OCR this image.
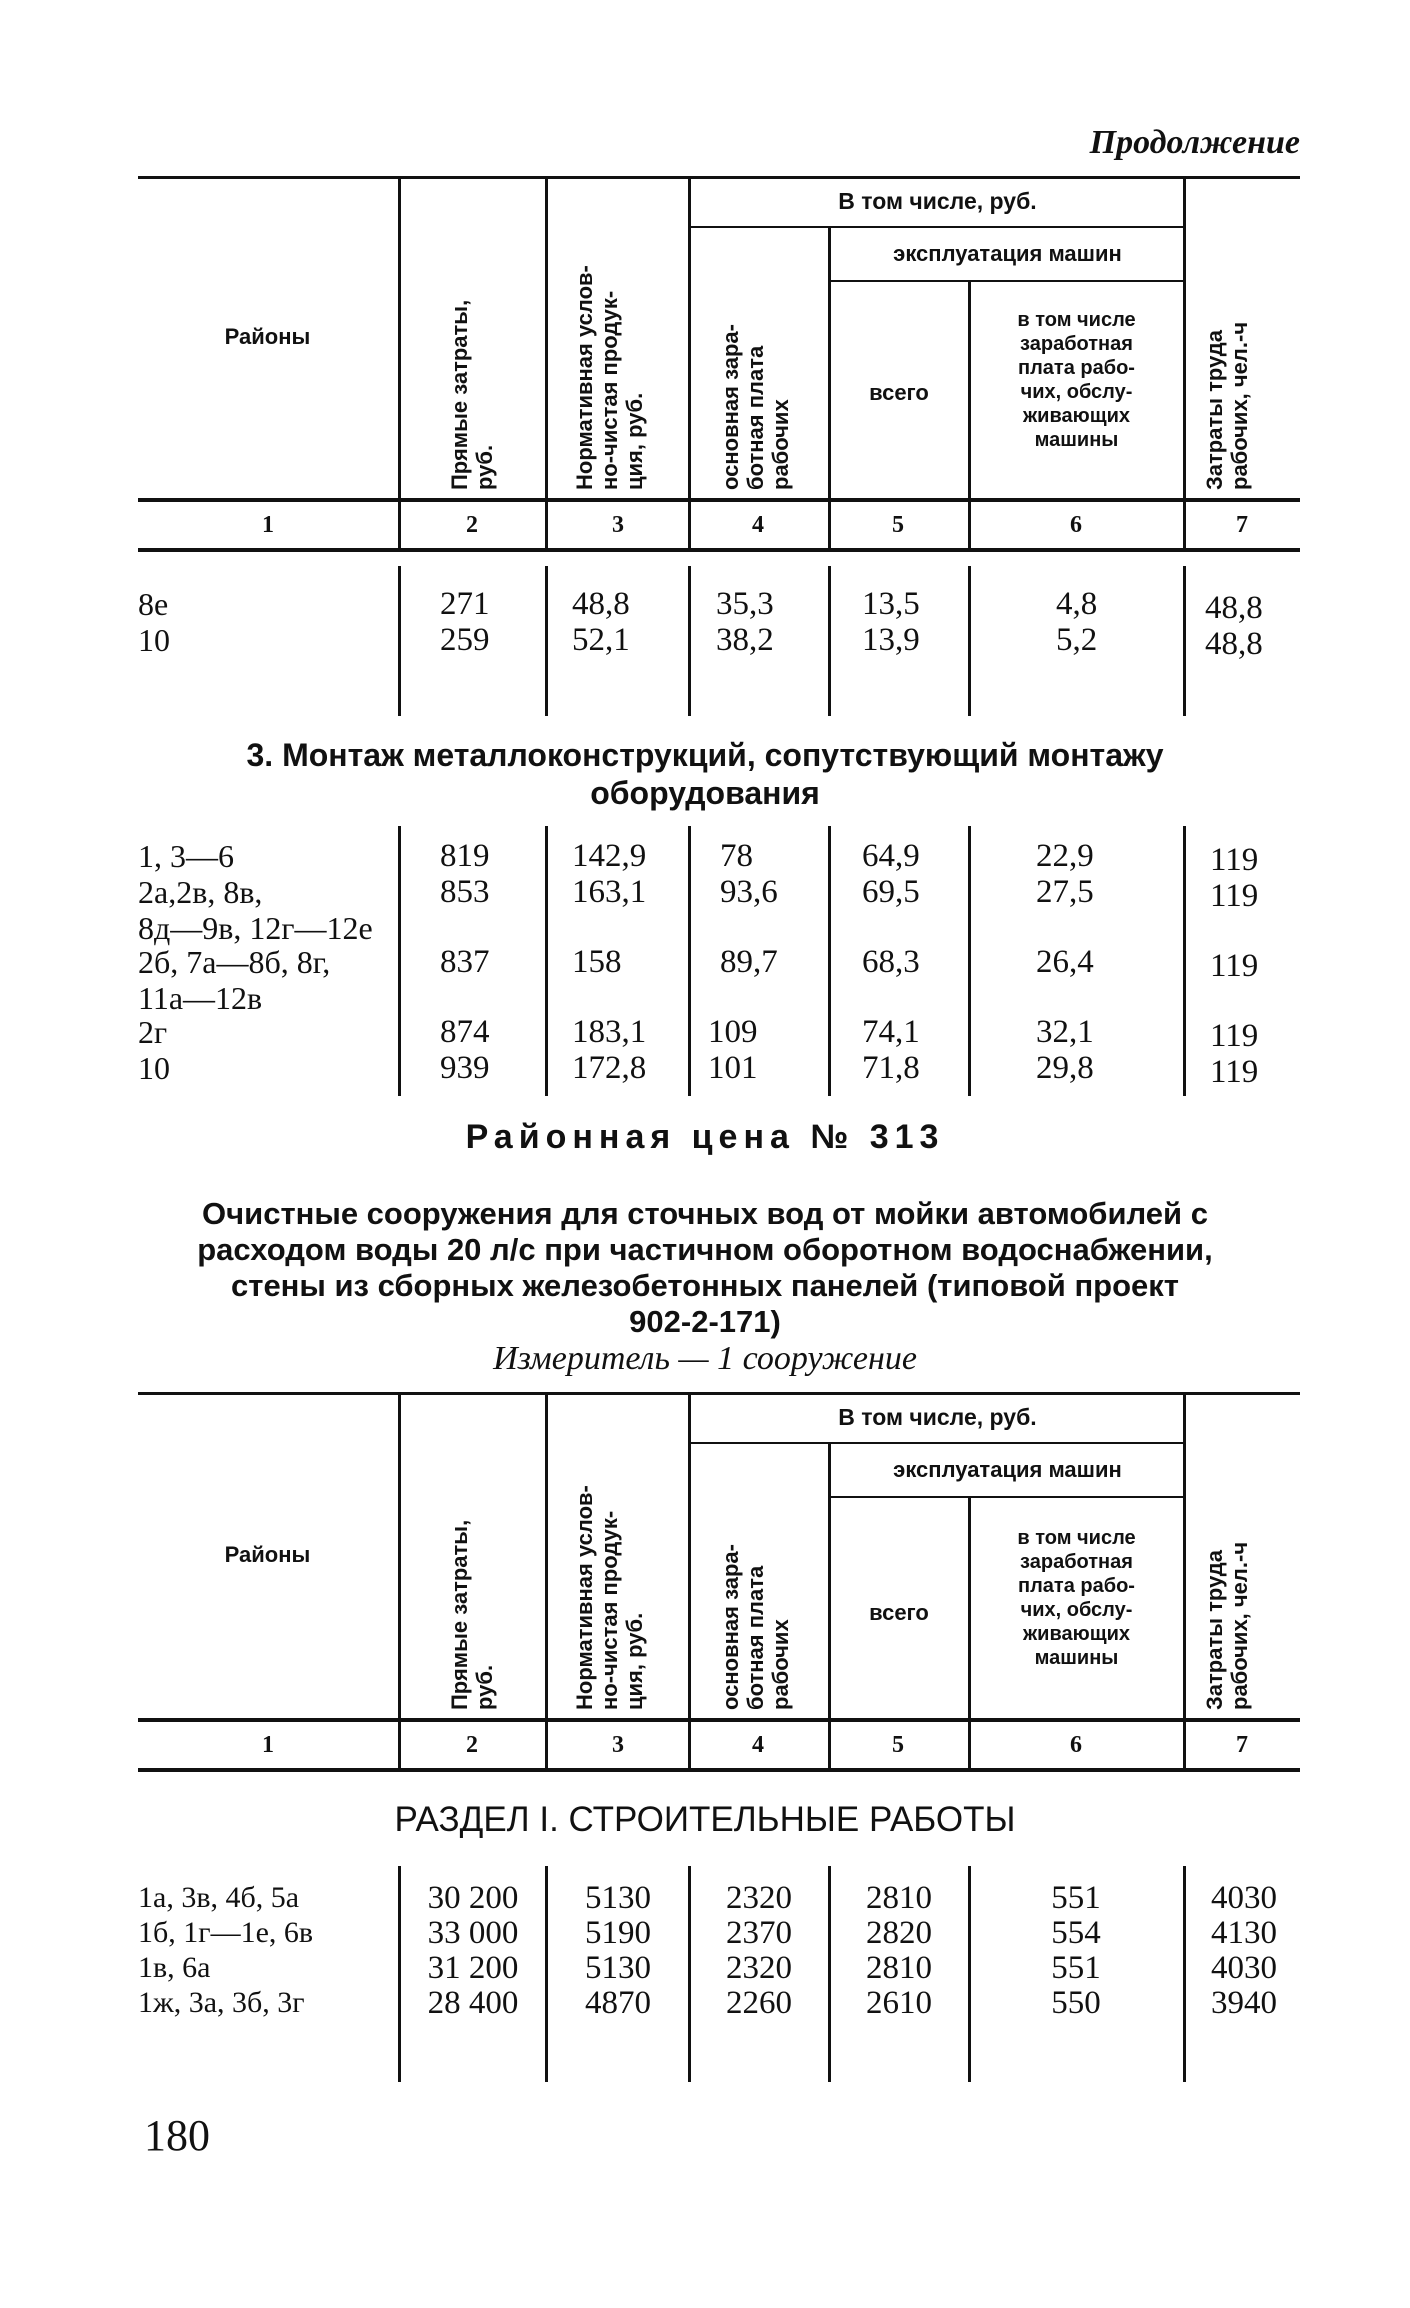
Продолжение
Районы
Прямые затраты,
руб.	Нормативная услов-
но-чистая продук-
ция, руб.
В том числе, руб.
основная зара-
ботная плата
рабочих
эксплуатация машин
всего
в том числе
заработная
плата рабо-
чих, обслу-
живающих
машины	Затраты труда
рабочих, чел.-ч
1	2	3	4	5	6	7
8е	271	48,8	35,3	13,5	4,8	48,8
10	259	52,1	38,2	13,9	5,2	48,8
3. Монтаж металлоконструкций, сопутствующий монтажу
оборудования
1, 3—6	819	142,9 78	64,9	22,9	119
2а,2в, 8в,
8д—9в, 12г—12е
853	163,1 93,6	69,5	27,5	119
2б, 7а—8б, 8г,
11а—12в
837	158	89,7	68,3	26,4	119
2г	874	183,1 109	74,1	32,1	119
10	939	172,8 101	71,8	29,8	119
Районная цена № 313
Очистные сооружения для сточных вод от мойки автомобилей с
расходом воды 20 л/с при частичном оборотном водоснабжении,
стены из сборных железобетонных панелей (типовой проект
902-2-171)
Измеритель — 1 сооружение
Районы
Прямые затраты,
руб.	Нормативная услов-
но-чистая продук-
ция, руб.
В том числе, руб.
основная зара-
ботная плата
рабочих
эксплуатация машин
всего
в том числе
заработная
плата рабо-
чих, обслу-
живающих
машины	Затраты труда
рабочих, чел.-ч
1	2	3	4	5	6	7
РАЗДЕЛ I. СТРОИТЕЛЬНЫЕ РАБОТЫ
1а, 3в, 4б, 5а	30 200	5130	2320	2810	551	4030
1б, 1г—1е, 6в	33 000	5190	2370	2820	554	4130
1в, 6а	31 200	5130	2320	2810	551	4030
1ж, 3а, 3б, 3г	28 400	4870	2260	2610	550	3940
180
